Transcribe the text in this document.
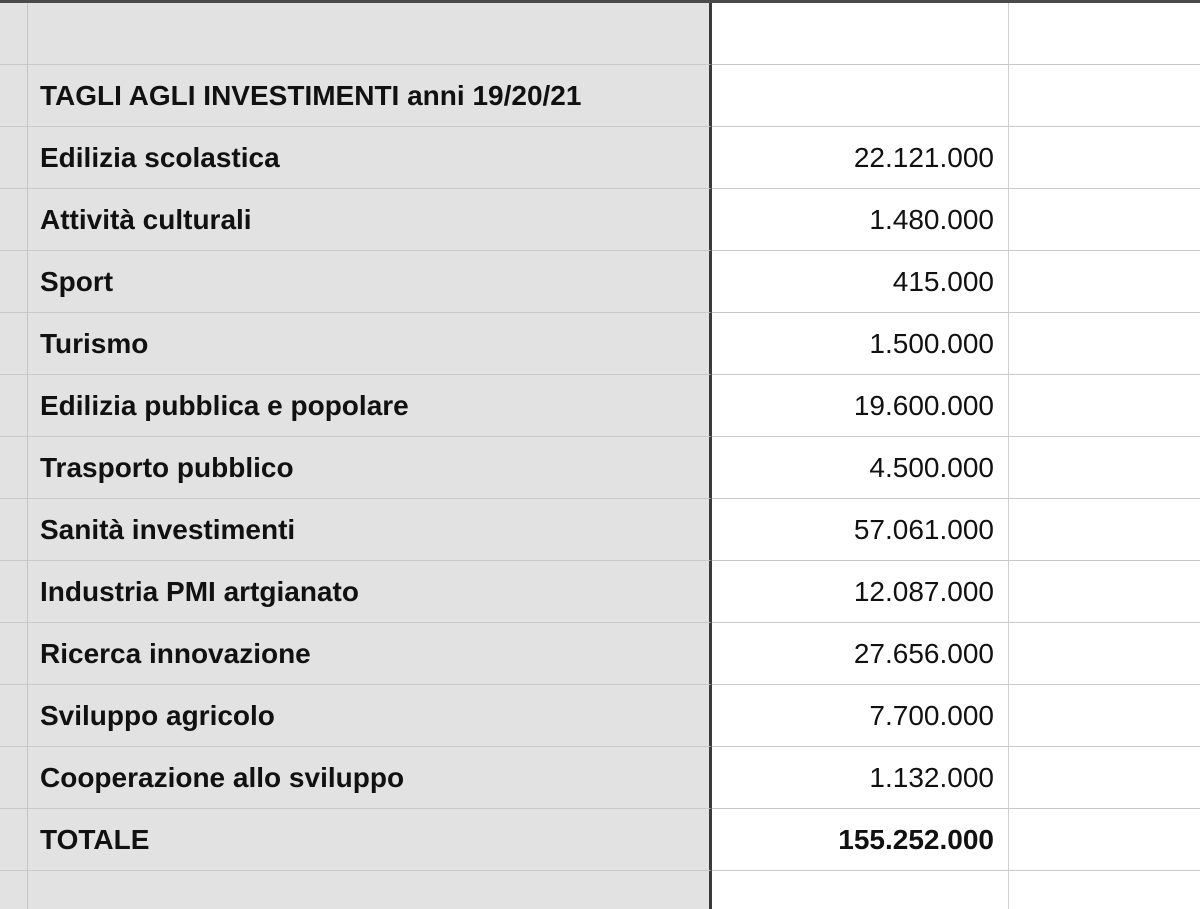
TAGLI AGLI INVESTIMENTI anni 19/20/21
Edilizia scolastica	22.121.000
Attività culturali	1.480.000
Sport	415.000
Turismo	1.500.000
Edilizia pubblica e popolare	19.600.000
Trasporto pubblico	4.500.000
Sanità investimenti	57.061.000
Industria PMI artgianato	12.087.000
Ricerca innovazione	27.656.000
Sviluppo agricolo	7.700.000
Cooperazione allo sviluppo	1.132.000
TOTALE	155.252.000
